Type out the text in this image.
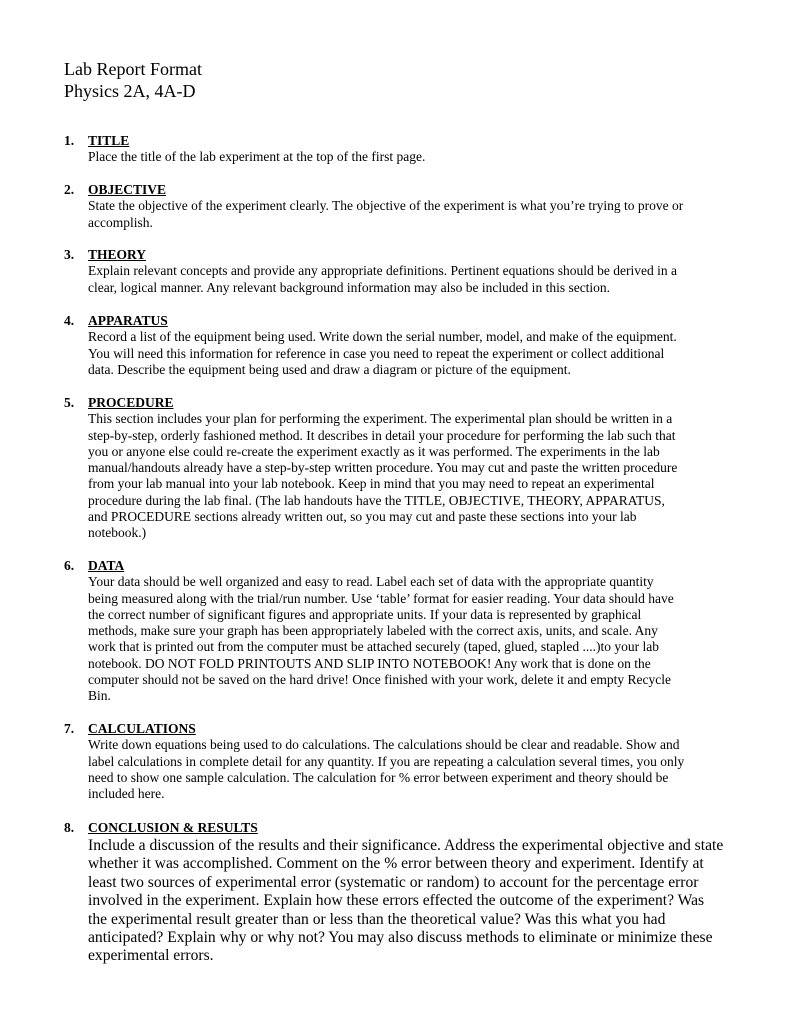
Lab Report Format
Physics 2A, 4A-D
1. TITLE
Place the title of the lab experiment at the top of the first page.
2. OBJECTIVE
State the objective of the experiment clearly. The objective of the experiment is what you’re trying to prove or
accomplish.
3. THEORY
Explain relevant concepts and provide any appropriate definitions. Pertinent equations should be derived in a
clear, logical manner. Any relevant background information may also be included in this section.
4. APPARATUS
Record a list of the equipment being used. Write down the serial number, model, and make of the equipment.
You will need this information for reference in case you need to repeat the experiment or collect additional
data. Describe the equipment being used and draw a diagram or picture of the equipment.
5. PROCEDURE
This section includes your plan for performing the experiment. The experimental plan should be written in a
step-by-step, orderly fashioned method. It describes in detail your procedure for performing the lab such that
you or anyone else could re-create the experiment exactly as it was performed. The experiments in the lab
manual/handouts already have a step-by-step written procedure. You may cut and paste the written procedure
from your lab manual into your lab notebook. Keep in mind that you may need to repeat an experimental
procedure during the lab final. (The lab handouts have the TITLE, OBJECTIVE, THEORY, APPARATUS,
and PROCEDURE sections already written out, so you may cut and paste these sections into your lab
notebook.)
6. DATA
Your data should be well organized and easy to read. Label each set of data with the appropriate quantity
being measured along with the trial/run number. Use ‘table’ format for easier reading. Your data should have
the correct number of significant figures and appropriate units. If your data is represented by graphical
methods, make sure your graph has been appropriately labeled with the correct axis, units, and scale. Any
work that is printed out from the computer must be attached securely (taped, glued, stapled ....)to your lab
notebook. DO NOT FOLD PRINTOUTS AND SLIP INTO NOTEBOOK! Any work that is done on the
computer should not be saved on the hard drive! Once finished with your work, delete it and empty Recycle
Bin.
7. CALCULATIONS
Write down equations being used to do calculations. The calculations should be clear and readable. Show and
label calculations in complete detail for any quantity. If you are repeating a calculation several times, you only
need to show one sample calculation. The calculation for % error between experiment and theory should be
included here.
8. CONCLUSION & RESULTS
Include a discussion of the results and their significance. Address the experimental objective and state
whether it was accomplished. Comment on the % error between theory and experiment. Identify at
least two sources of experimental error (systematic or random) to account for the percentage error
involved in the experiment. Explain how these errors effected the outcome of the experiment? Was
the experimental result greater than or less than the theoretical value? Was this what you had
anticipated? Explain why or why not? You may also discuss methods to eliminate or minimize these
experimental errors.
